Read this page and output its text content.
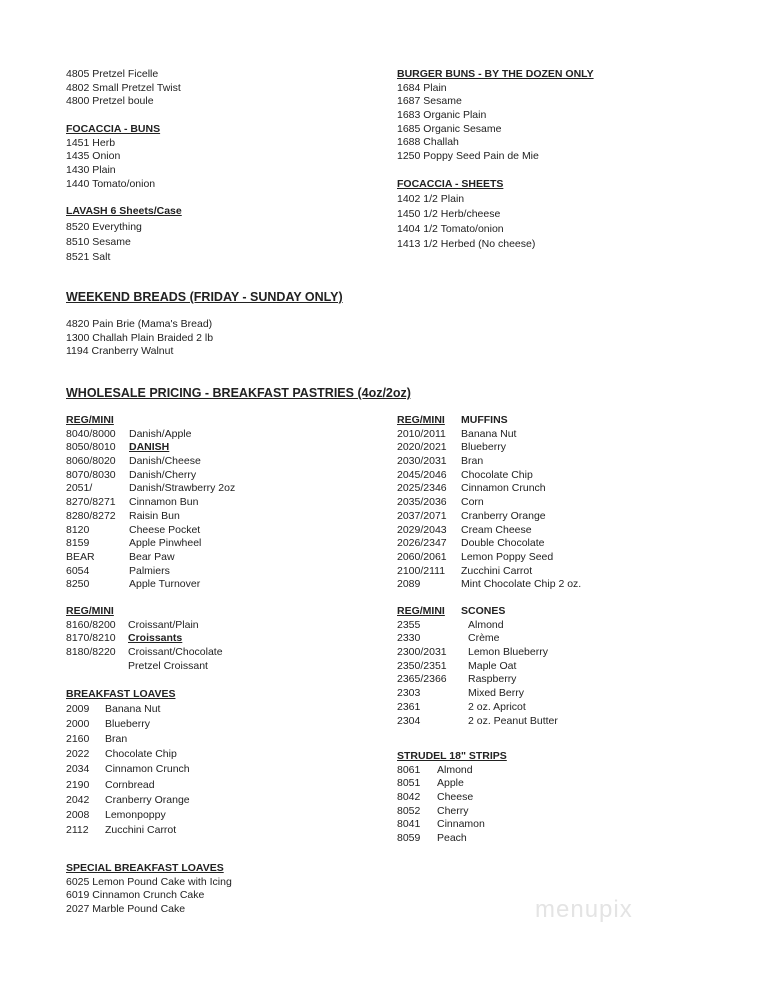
4805 Pretzel Ficelle
4802 Small Pretzel Twist
4800 Pretzel boule
FOCACCIA - BUNS
1451 Herb
1435 Onion
1430 Plain
1440 Tomato/onion
LAVASH 6 Sheets/Case
8520 Everything
8510 Sesame
8521 Salt
BURGER BUNS - BY THE DOZEN ONLY
1684 Plain
1687 Sesame
1683 Organic Plain
1685 Organic Sesame
1688 Challah
1250 Poppy Seed Pain de Mie
FOCACCIA - SHEETS
1402 1/2 Plain
1450 1/2 Herb/cheese
1404 1/2 Tomato/onion
1413 1/2 Herbed (No cheese)
WEEKEND BREADS (FRIDAY - SUNDAY ONLY)
4820 Pain Brie (Mama's Bread)
1300 Challah Plain Braided 2 lb
1194 Cranberry Walnut
WHOLESALE PRICING - BREAKFAST PASTRIES (4oz/2oz)
REG/MINI
8040/8000 Danish/Apple
8050/8010 DANISH
8060/8020 Danish/Cheese
8070/8030 Danish/Cherry
2051/	Danish/Strawberry 2oz
8270/8271 Cinnamon Bun
8280/8272 Raisin Bun
8120	Cheese Pocket
8159	Apple Pinwheel
BEAR	Bear Paw
6054	Palmiers
8250	Apple Turnover
REG/MINI MUFFINS
2010/2011 Banana Nut
2020/2021 Blueberry
2030/2031 Bran
2045/2046 Chocolate Chip
2025/2346 Cinnamon Crunch
2035/2036 Corn
2037/2071 Cranberry Orange
2029/2043 Cream Cheese
2026/2347 Double Chocolate
2060/2061 Lemon Poppy Seed
2100/2111 Zucchini Carrot
2089	Mint Chocolate Chip 2 oz.
REG/MINI
8160/8200 Croissant/Plain
8170/8210 Croissants
8180/8220 Croissant/Chocolate
Pretzel Croissant
REG/MINI SCONES
2355	Almond
2330	Crème
2300/2031 Lemon Blueberry
2350/2351 Maple Oat
2365/2366 Raspberry
2303	Mixed Berry
2361	2 oz. Apricot
2304	2 oz. Peanut Butter
BREAKFAST LOAVES
2009 Banana Nut
2000 Blueberry
2160 Bran
2022 Chocolate Chip
2034 Cinnamon Crunch
2190 Cornbread
2042 Cranberry Orange
2008 Lemonpoppy
2112 Zucchini Carrot
STRUDEL 18" STRIPS
8061 Almond
8051 Apple
8042 Cheese
8052 Cherry
8041 Cinnamon
8059 Peach
SPECIAL BREAKFAST LOAVES
6025 Lemon Pound Cake with Icing
6019 Cinnamon Crunch Cake
2027 Marble Pound Cake	menupix
